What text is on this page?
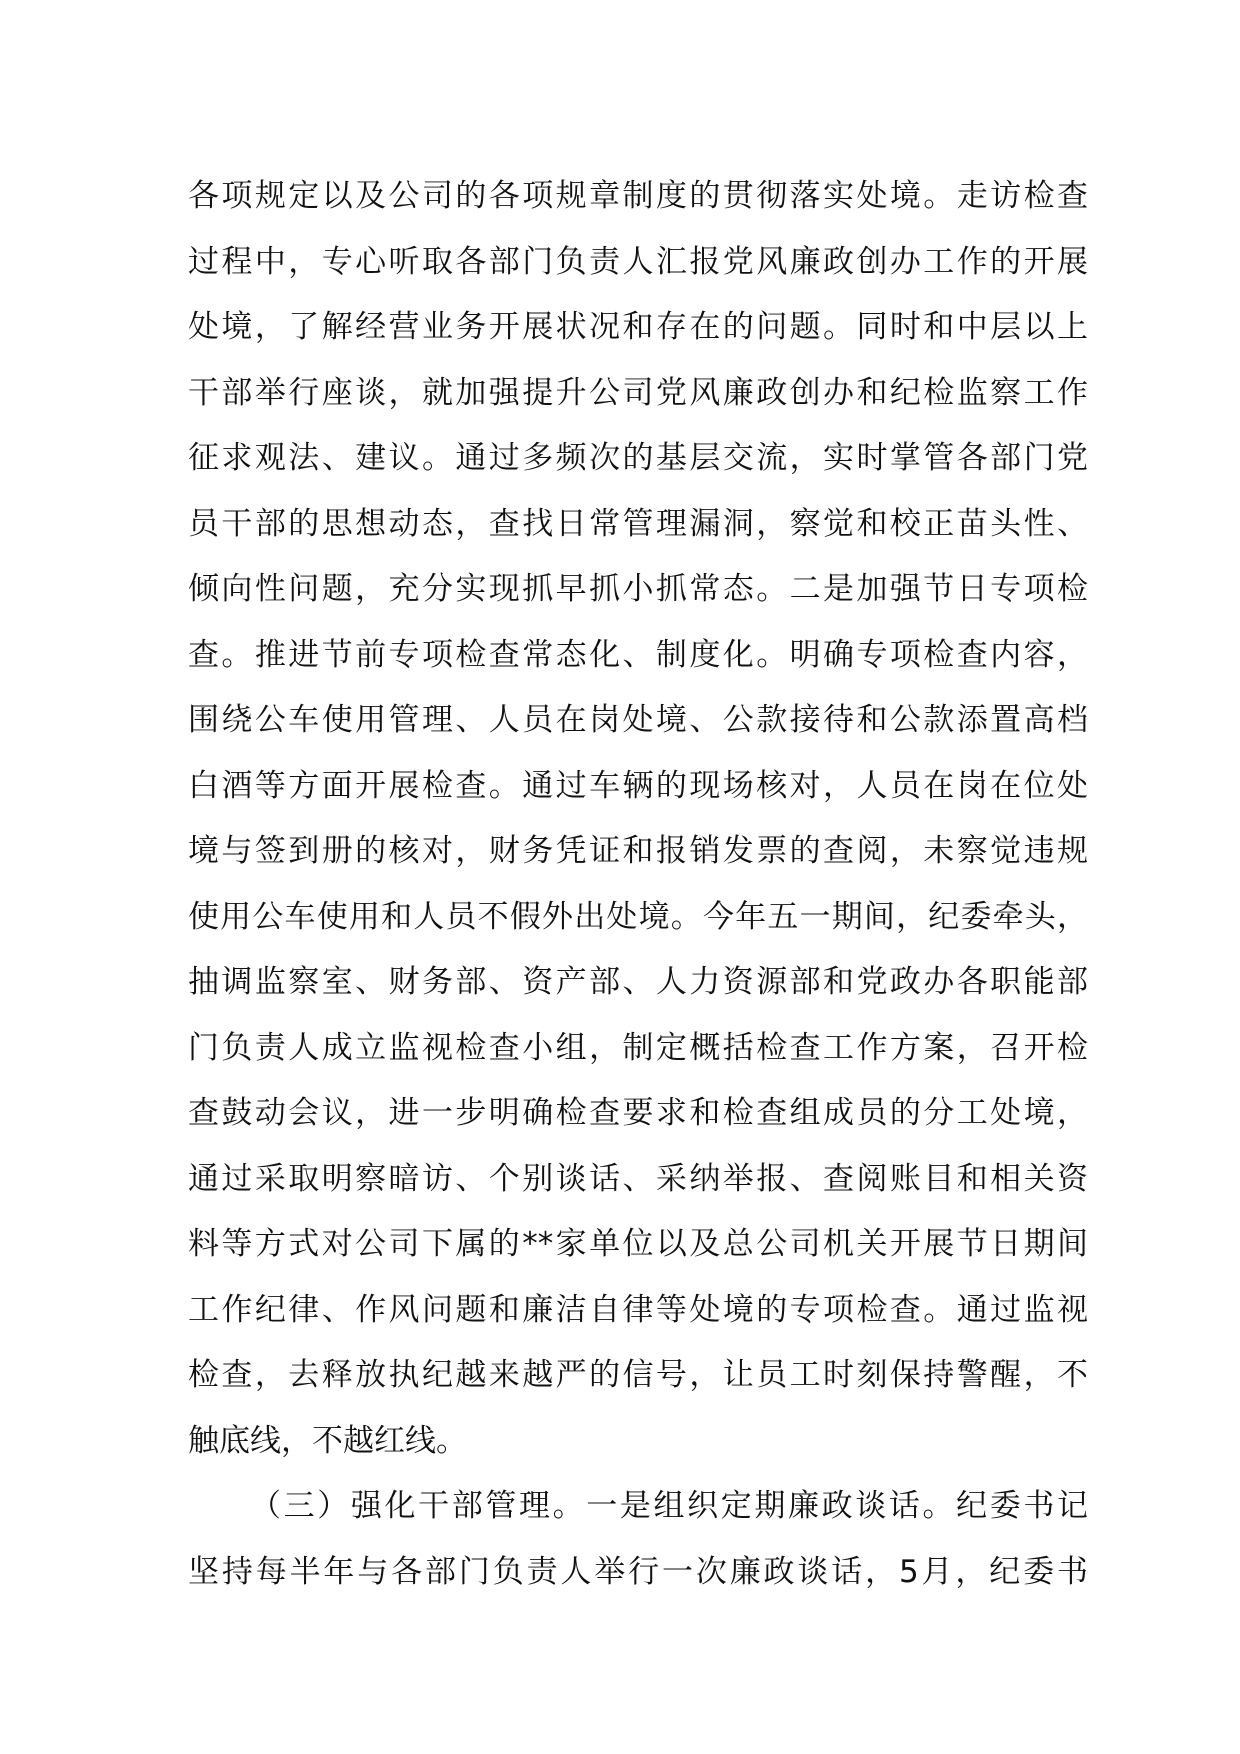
各项规定以及公司的各项规章制度的贯彻落实处境。走访检查
过程中，专心听取各部门负责人汇报党风廉政创办工作的开展
处境，了解经营业务开展状况和存在的问题。同时和中层以上
干部举行座谈，就加强提升公司党风廉政创办和纪检监察工作
征求观法、建议。通过多频次的基层交流，实时掌管各部门党
员干部的思想动态，查找日常管理漏洞，察觉和校正苗头性、
倾向性问题，充分实现抓早抓小抓常态。二是加强节日专项检
查。推进节前专项检查常态化、制度化。明确专项检查内容，
围绕公车使用管理、人员在岗处境、公款接待和公款添置高档
白酒等方面开展检查。通过车辆的现场核对，人员在岗在位处
境与签到册的核对，财务凭证和报销发票的查阅，未察觉违规
使用公车使用和人员不假外出处境。今年五一期间，纪委牵头，
抽调监察室、财务部、资产部、人力资源部和党政办各职能部
门负责人成立监视检查小组，制定概括检查工作方案，召开检
查鼓动会议，进一步明确检查要求和检查组成员的分工处境，
通过采取明察暗访、个别谈话、采纳举报、查阅账目和相关资
料等方式对公司下属的**家单位以及总公司机关开展节日期间
工作纪律、作风问题和廉洁自律等处境的专项检查。通过监视
检查，去释放执纪越来越严的信号，让员工时刻保持警醒，不
触底线，不越红线。
（三）强化干部管理。一是组织定期廉政谈话。纪委书记
坚持每半年与各部门负责人举行一次廉政谈话，5月，纪委书
